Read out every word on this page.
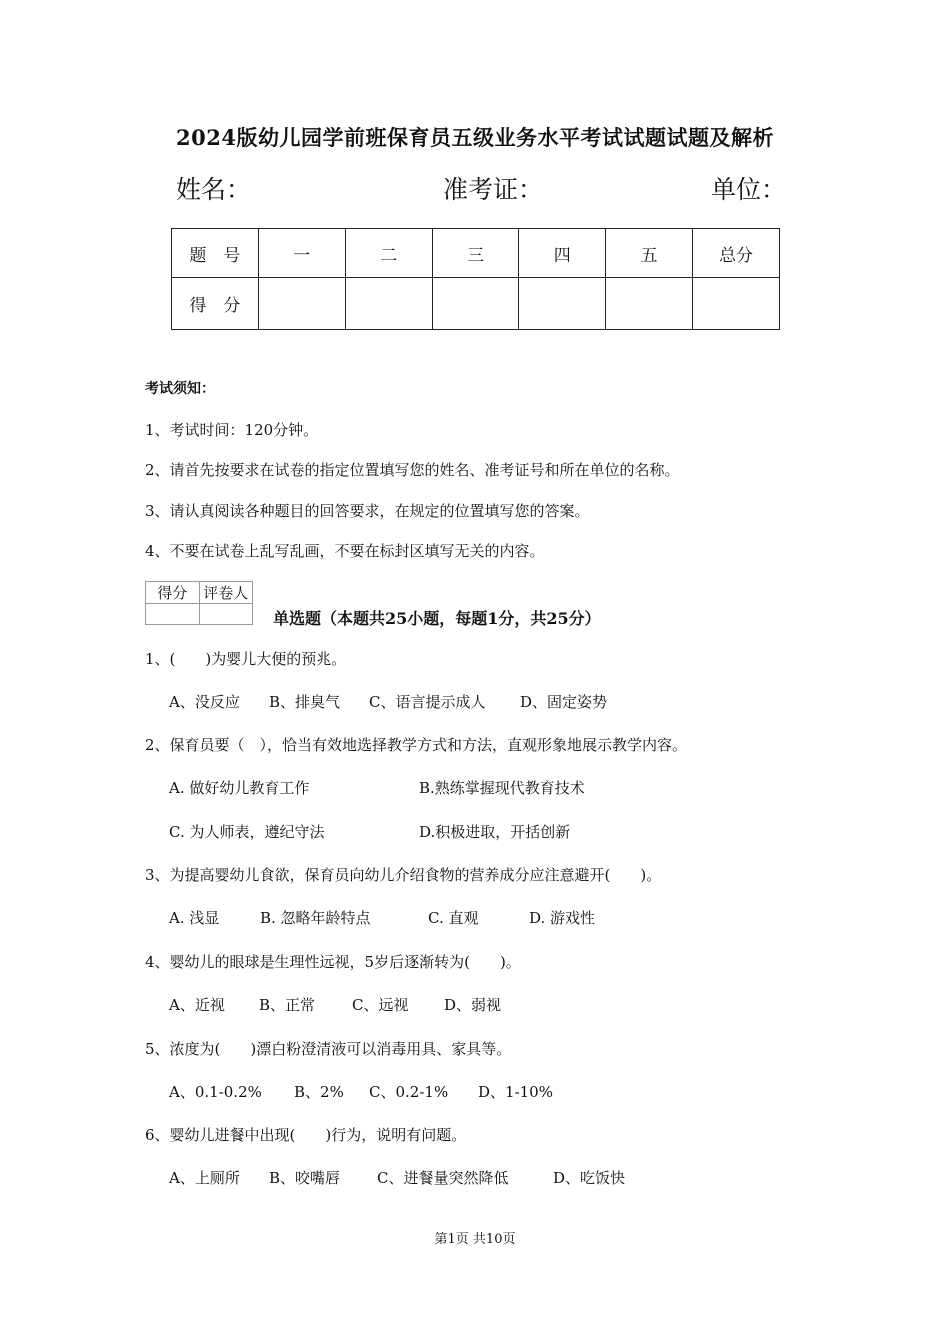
2024版幼儿园学前班保育员五级业务水平考试试题试题及解析
姓名：	准考证：	单位：
题　号	一	二	三	四	五	总分
得　分						
考试须知：
1、考试时间：120分钟。
2、请首先按要求在试卷的指定位置填写您的姓名、准考证号和所在单位的名称。
3、请认真阅读各种题目的回答要求，在规定的位置填写您的答案。
4、不要在试卷上乱写乱画，不要在标封区填写无关的内容。
得分	评卷人

单选题（本题共25小题，每题1分，共25分）
1、(　　)为婴儿大便的预兆。
A、没反应 B、排臭气 C、语言提示成人 D、固定姿势
2、保育员要（　），恰当有效地选择教学方式和方法，直观形象地展示教学内容。
A. 做好幼儿教育工作	B.熟练掌握现代教育技术
C. 为人师表，遵纪守法	D.积极进取，开括创新
3、为提高婴幼儿食欲，保育员向幼儿介绍食物的营养成分应注意避开(　　)。
A. 浅显	B. 忽略年龄特点	C. 直观	D. 游戏性
4、婴幼儿的眼球是生理性远视，5岁后逐渐转为(　　)。
A、近视 B、正常 C、远视 D、弱视
5、浓度为(　　)漂白粉澄清液可以消毒用具、家具等。
A、0.1-0.2% B、2% C、0.2-1% D、1-10%
6、婴幼儿进餐中出现(　　)行为，说明有问题。
A、上厕所 B、咬嘴唇 C、进餐量突然降低	D、吃饭快
第1页 共10页
